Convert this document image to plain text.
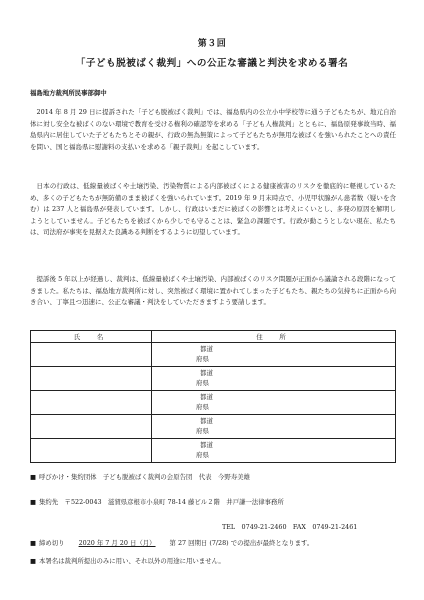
第３回
「子ども脱被ばく裁判」への公正な審議と判決を求める署名
福島地方裁判所民事部御中

2014 年 8 月 29 日に提訴された「子ども脱被ばく裁判」では、福島県内の公立小中学校等に通う子どもたちが、地元自治体に対し安全な被ばくのない環境で教育を受ける権利の確認等を求める「子ども人権裁判」とともに、福島原発事故当時、福島県内に居住していた子どもたちとその親が、行政の無為無策によって子どもたちが無用な被ばくを強いられたことへの責任を問い、国と福島県に慰謝料の支払いを求める「親子裁判」を起こしています。

日本の行政は、低線量被ばくや土壌汚染、汚染物質による内部被ばくによる健康被害のリスクを徹底的に軽視しているため、多くの子どもたちが無防備のまま被ばくを強いられています。2019 年 9 月末時点で、小児甲状腺がん患者数（疑いを含む）は 237 人と福島県が発表しています。しかし、行政はいまだに被ばくの影響とは考えにくいとし、多発の原因を解明しようとしていません。子どもたちを被ばくから少しでも守ることは、緊急の課題です。行政が動こうとしない現在、私たちは、司法府が事実を見据えた良識ある判断をするように切望しています。

提訴後 5 年以上が経過し、裁判は、低線量被ばくや土壌汚染、内部被ばくのリスク問題が正面から議論される段階になってきました。私たちは、福島地方裁判所に対し、突然被ばく環境に置かれてしまった子どもたち、親たちの気持ちに正面から向き合い、丁寧且つ迅速に、公正な審議・判決をしていただきますよう要請します。

氏　名	住　所

	都道
府県

	都道
府県

	都道
府県

	都道
府県

	都道
府県
■ 呼びかけ・集約団体　子ども脱被ばく裁判の会原告団　代表　今野寿美雄
■ 集約先　〒522-0043　滋賀県彦根市小泉町 78-14 藤ビル２階　井戸謙一法律事務所
TEL　0749-21-2460　FAX　0749-21-2461
■ 締め切り 2020 年 7 月 20 日（月） 第 27 回期日 (7/28) での提出が最終となります。
■ 本署名は裁判所提出のみに用い、それ以外の用途に用いません。
